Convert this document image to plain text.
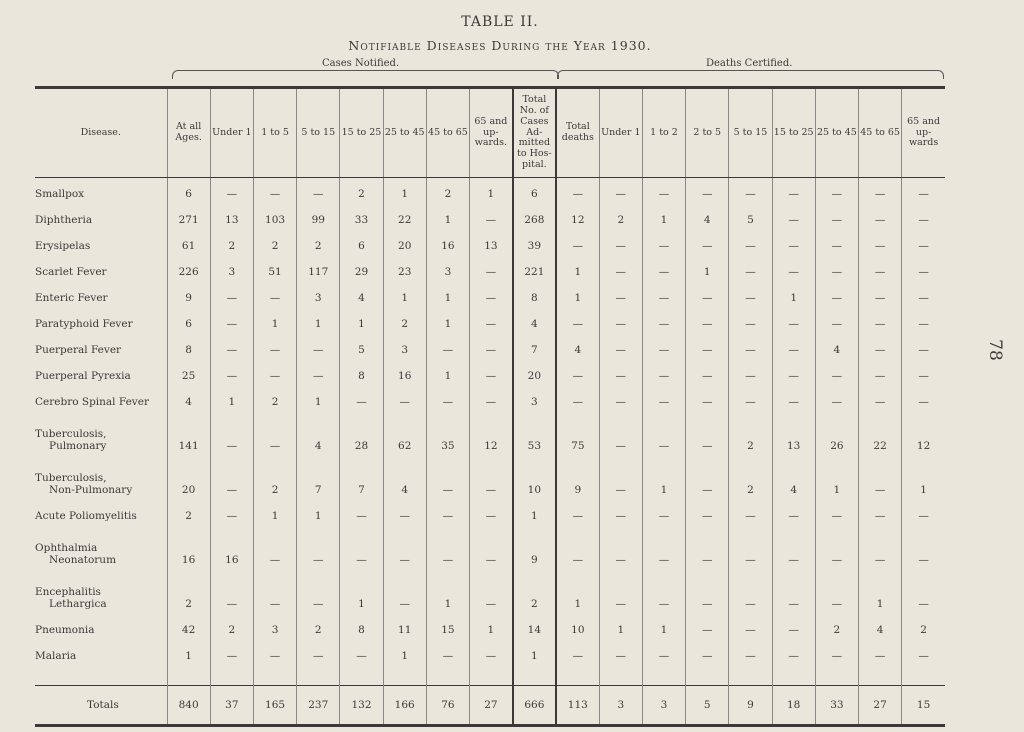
TABLE II.
Notifiable Diseases During the Year 1930.
Cases Notified.	Deaths Certified.
78
Disease.	At all Ages.	Under 1	1 to 5	5 to 15	15 to 25	25 to 45	45 to 65	65 and up- wards.	Total No. of Cases Ad- mitted to Hos- pital.	Total deaths	Under 1	1 to 2	2 to 5	5 to 15	15 to 25	25 to 45	45 to 65	65 and up- wards

Smallpox	6	—	—	—	2	1	2	1	6	—	—	—	—	—	—	—	—	—

Diphtheria	271	13	103	99	33	22	1	—	268	12	2	1	4	5	—	—	—	—

Erysipelas	61	2	2	2	6	20	16	13	39	—	—	—	—	—	—	—	—	—

Scarlet Fever	226	3	51	117	29	23	3	—	221	1	—	—	1	—	—	—	—	—

Enteric Fever	9	—	—	3	4	1	1	—	8	1	—	—	—	—	1	—	—	—

Paratyphoid Fever	6	—	1	1	1	2	1	—	4	—	—	—	—	—	—	—	—	—

Puerperal Fever	8	—	—	—	5	3	—	—	7	4	—	—	—	—	—	4	—	—

Puerperal Pyrexia	25	—	—	—	8	16	1	—	20	—	—	—	—	—	—	—	—	—

Cerebro Spinal Fever	4	1	2	1	—	—	—	—	3	—	—	—	—	—	—	—	—	—

Tuberculosis,
Pulmonary	141	—	—	4	28	62	35	12	53	75	—	—	—	2	13	26	22	12

Tuberculosis,
Non-Pulmonary	20	—	2	7	7	4	—	—	10	9	—	1	—	2	4	1	—	1

Acute Poliomyelitis	2	—	1	1	—	—	—	—	1	—	—	—	—	—	—	—	—	—

Ophthalmia
Neonatorum	16	16	—	—	—	—	—	—	9	—	—	—	—	—	—	—	—	—

Encephalitis
Lethargica	2	—	—	—	1	—	1	—	2	1	—	—	—	—	—	—	1	—

Pneumonia	42	2	3	2	8	11	15	1	14	10	1	1	—	—	—	2	4	2

Malaria	1	—	—	—	—	1	—	—	1	—	—	—	—	—	—	—	—	—

Totals	840	37	165	237	132	166	76	27	666	113	3	3	5	9	18	33	27	15
